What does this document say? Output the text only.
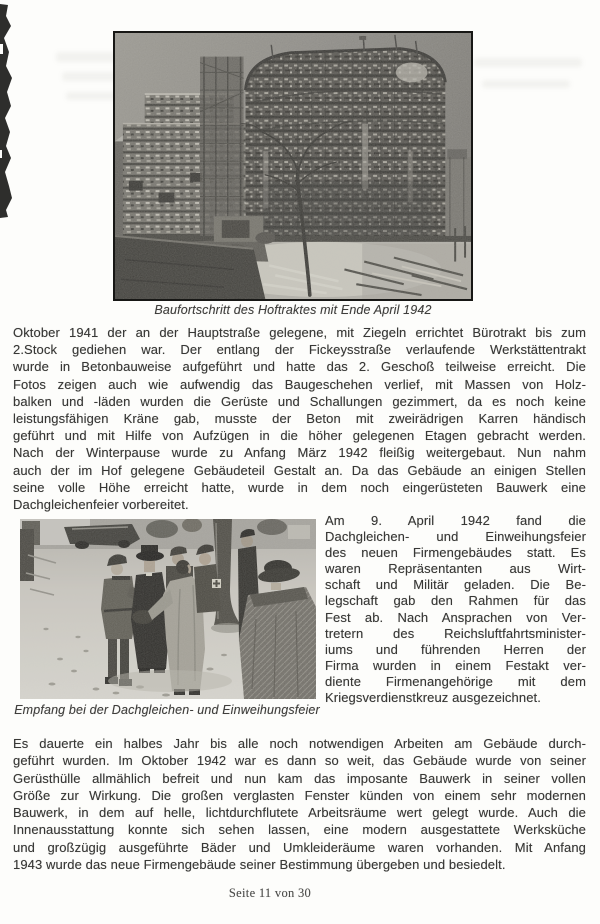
Baufortschritt des Hoftraktes mit Ende April 1942
Oktober 1941 der an der Hauptstraße gelegene, mit Ziegeln errichtet Bürotrakt bis zum
2.Stock gediehen war. Der entlang der Fickeysstraße verlaufende Werkstättentrakt
wurde in Betonbauweise aufgeführt und hatte das 2. Geschoß teilweise erreicht. Die
Fotos zeigen auch wie aufwendig das Baugeschehen verlief, mit Massen von Holz-
balken und -läden wurden die Gerüste und Schallungen gezimmert, da es noch keine
leistungsfähigen Kräne gab, musste der Beton mit zweirädrigen Karren händisch
geführt und mit Hilfe von Aufzügen in die höher gelegenen Etagen gebracht werden.
Nach der Winterpause wurde zu Anfang März 1942 fleißig weitergebaut. Nun nahm
auch der im Hof gelegene Gebäudeteil Gestalt an. Da das Gebäude an einigen Stellen
seine volle Höhe erreicht hatte, wurde in dem noch eingerüsteten Bauwerk eine
Dachgleichenfeier vorbereitet.
Empfang bei der Dachgleichen- und Einweihungsfeier
Am 9. April 1942 fand die
Dachgleichen- und Einweihungsfeier
des neuen Firmengebäudes statt. Es
waren Repräsentanten aus Wirt-
schaft und Militär geladen. Die Be-
legschaft gab den Rahmen für das
Fest ab. Nach Ansprachen von Ver-
tretern des Reichsluftfahrtsminister-
iums und führenden Herren der
Firma wurden in einem Festakt ver-
diente Firmenangehörige mit dem
Kriegsverdienstkreuz ausgezeichnet.
Es dauerte ein halbes Jahr bis alle noch notwendigen Arbeiten am Gebäude durch-
geführt wurden. Im Oktober 1942 war es dann so weit, das Gebäude wurde von seiner
Gerüsthülle allmählich befreit und nun kam das imposante Bauwerk in seiner vollen
Größe zur Wirkung. Die großen verglasten Fenster künden von einem sehr modernen
Bauwerk, in dem auf helle, lichtdurchflutete Arbeitsräume wert gelegt wurde. Auch die
Innenausstattung konnte sich sehen lassen, eine modern ausgestattete Werksküche
und großzügig ausgeführte Bäder und Umkleideräume waren vorhanden. Mit Anfang
1943 wurde das neue Firmengebäude seiner Bestimmung übergeben und besiedelt.
Seite 11 von 30
